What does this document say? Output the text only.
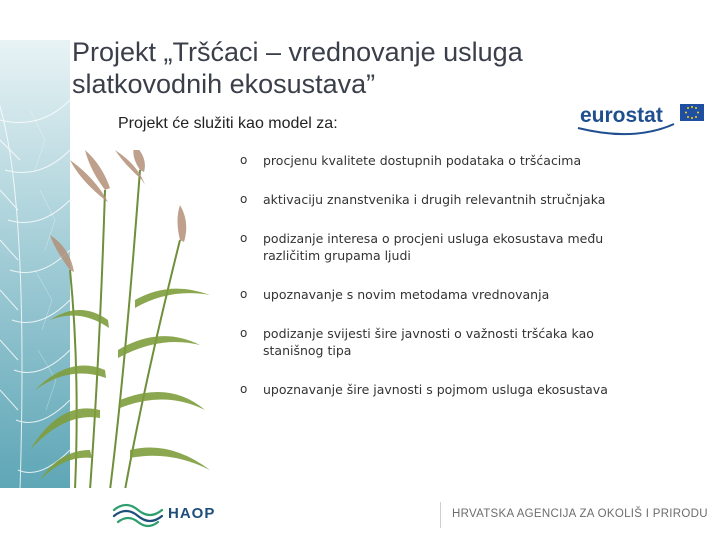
Projekt „Tršćaci – vrednovanje usluga
slatkovodnih ekosustava”
eurostat
Projekt će služiti kao model za:
o procjenu kvalitete dostupnih podataka o tršćacima
o aktivaciju znanstvenika i drugih relevantnih stručnjaka
o podizanje interesa o procjeni usluga ekosustava među
različitim grupama ljudi
o upoznavanje s novim metodama vrednovanja
o podizanje svijesti šire javnosti o važnosti tršćaka kao
stanišnog tipa
o upoznavanje šire javnosti s pojmom usluga ekosustava
HAOP	HRVATSKA AGENCIJA ZA OKOLIŠ I PRIRODU
